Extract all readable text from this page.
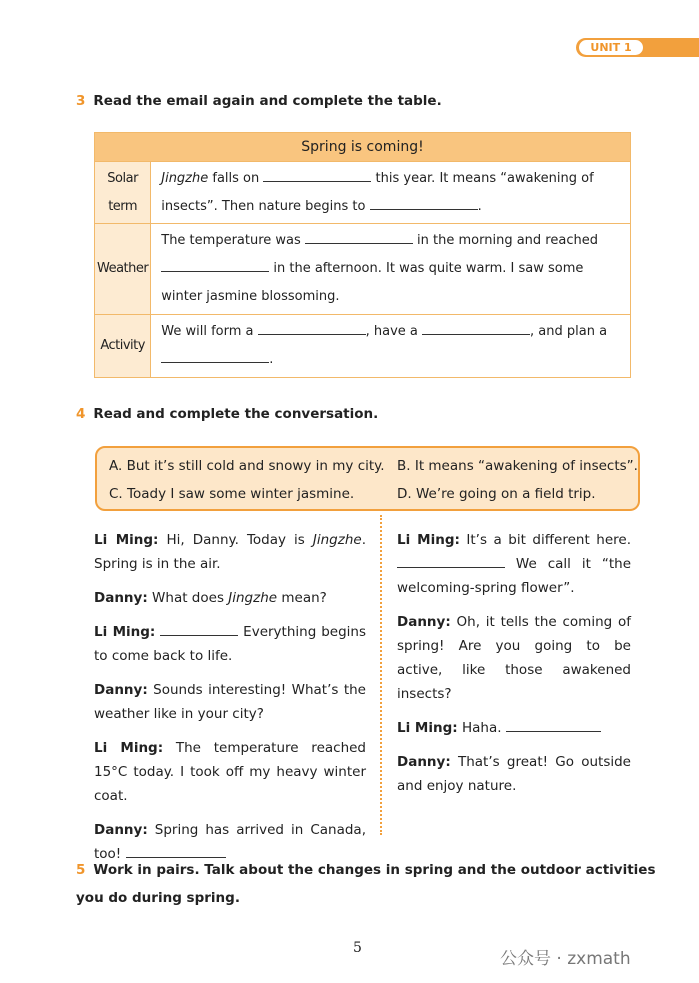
UNIT 1
3 Read the email again and complete the table.
Spring is coming!	
Solar term	Jingzhe falls on this year. It means “awakening of insects”. Then nature begins to .
Weather	The temperature was in the morning and reached  in the afternoon. It was quite warm. I saw some winter jasmine blossoming.
Activity	We will form a , have a , and plan a .
4 Read and complete the conversation.
A. But it’s still cold and snowy in my city. B. It means “awakening of insects”.
C. Toady I saw some winter jasmine.	D. We’re going on a field trip.

Li Ming: Hi, Danny. Today is Jingzhe. Spring is in the air.

Danny: What does Jingzhe mean?

Li Ming:	Everything begins to come back to life.

Danny: Sounds interesting! What’s the weather like in your city?

Li Ming: The temperature reached 15°C today. I took off my heavy winter coat.

Danny: Spring has arrived in Canada, too!

Li Ming: It’s a bit different here.  We call it “the welcoming-spring flower”.

Danny: Oh, it tells the coming of spring! Are you going to be active, like those awakened insects?

Li Ming: Haha.

Danny: That’s great! Go outside and enjoy nature.

5 Work in pairs. Talk about the changes in spring and the outdoor activities you do during spring.
5
公众号 · zxmath
